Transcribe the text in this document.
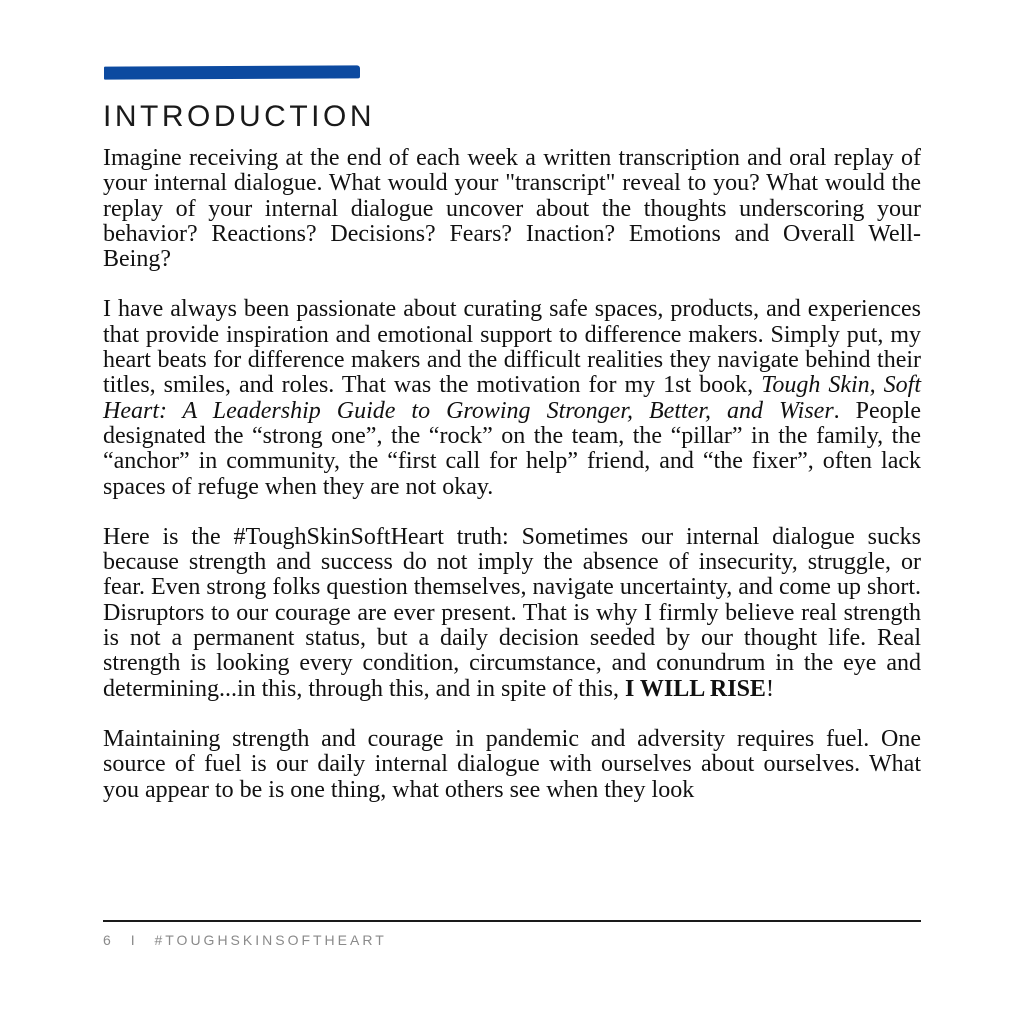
INTRODUCTION

Imagine receiving at the end of each week a written transcription and oral replay of your internal dialogue. What would your "transcript" reveal to you? What would the replay of your internal dialogue uncover about the thoughts underscoring your behavior? Reactions? Decisions? Fears? Inaction? Emotions and Overall Well-Being?

I have always been passionate about curating safe spaces, products, and experiences that provide inspiration and emotional support to difference makers. Simply put, my heart beats for difference makers and the difficult realities they navigate behind their titles, smiles, and roles. That was the motivation for my 1st book, Tough Skin, Soft Heart: A Leadership Guide to Growing Stronger, Better, and Wiser. People designated the “strong one”, the “rock” on the team, the “pillar” in the family, the “anchor” in community, the “first call for help” friend, and “the fixer”, often lack spaces of refuge when they are not okay.

Here is the #ToughSkinSoftHeart truth: Sometimes our internal dialogue sucks because strength and success do not imply the absence of insecurity, struggle, or fear. Even strong folks question themselves, navigate uncertainty, and come up short. Disruptors to our courage are ever present. That is why I firmly believe real strength is not a permanent status, but a daily decision seeded by our thought life. Real strength is looking every condition, circumstance, and conundrum in the eye and determining...in this, through this, and in spite of this, I WILL RISE!

Maintaining strength and courage in pandemic and adversity requires fuel. One source of fuel is our daily internal dialogue with ourselves about ourselves. What you appear to be is one thing, what others see when they look

6 I #TOUGHSKINSOFTHEART
